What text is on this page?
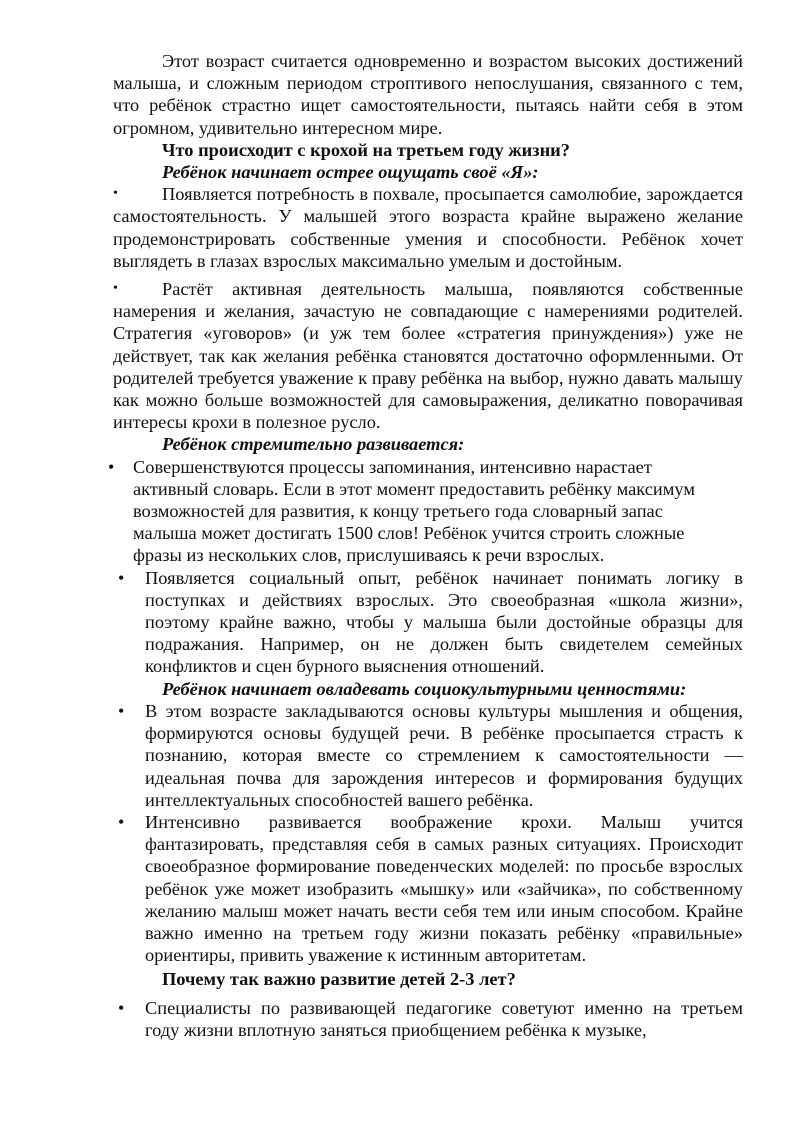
Этот возраст считается одновременно и возрастом высоких достижений малыша, и сложным периодом строптивого непослушания, связанного с тем, что ребёнок страстно ищет самостоятельности, пытаясь найти себя в этом огромном, удивительно интересном мире.

Что происходит с крохой на третьем году жизни?

Ребёнок начинает острее ощущать своё «Я»:

• Появляется потребность в похвале, просыпается самолюбие, зарождается самостоятельность. У малышей этого возраста крайне выражено желание продемонстрировать собственные умения и способности. Ребёнок хочет выглядеть в глазах взрослых максимально умелым и достойным.
• Растёт активная деятельность малыша, появляются собственные намерения и желания, зачастую не совпадающие с намерениями родителей. Стратегия «уговоров» (и уж тем более «стратегия принуждения») уже не действует, так как желания ребёнка становятся достаточно оформленными. От родителей требуется уважение к праву ребёнка на выбор, нужно давать малышу как можно больше возможностей для самовыражения, деликатно поворачивая интересы крохи в полезное русло.

Ребёнок стремительно развивается:

• Совершенствуются процессы запоминания, интенсивно нарастает активный словарь. Если в этот момент предоставить ребёнку максимум возможностей для развития, к концу третьего года словарный запас малыша может достигать 1500 слов! Ребёнок учится строить сложные фразы из нескольких слов, прислушиваясь к речи взрослых.
• Появляется социальный опыт, ребёнок начинает понимать логику в поступках и действиях взрослых. Это своеобразная «школа жизни», поэтому крайне важно, чтобы у малыша были достойные образцы для подражания. Например, он не должен быть свидетелем семейных конфликтов и сцен бурного выяснения отношений.

Ребёнок начинает овладевать социокультурными ценностями:

• В этом возрасте закладываются основы культуры мышления и общения, формируются основы будущей речи. В ребёнке просыпается страсть к познанию, которая вместе со стремлением к самостоятельности — идеальная почва для зарождения интересов и формирования будущих интеллектуальных способностей вашего ребёнка.
• Интенсивно развивается воображение крохи. Малыш учится фантазировать, представляя себя в самых разных ситуациях. Происходит своеобразное формирование поведенческих моделей: по просьбе взрослых ребёнок уже может изобразить «мышку» или «зайчика», по собственному желанию малыш может начать вести себя тем или иным способом. Крайне важно именно на третьем году жизни показать ребёнку «правильные» ориентиры, привить уважение к истинным авторитетам.

Почему так важно развитие детей 2-3 лет?

• Специалисты по развивающей педагогике советуют именно на третьем году жизни вплотную заняться приобщением ребёнка к музыке,
